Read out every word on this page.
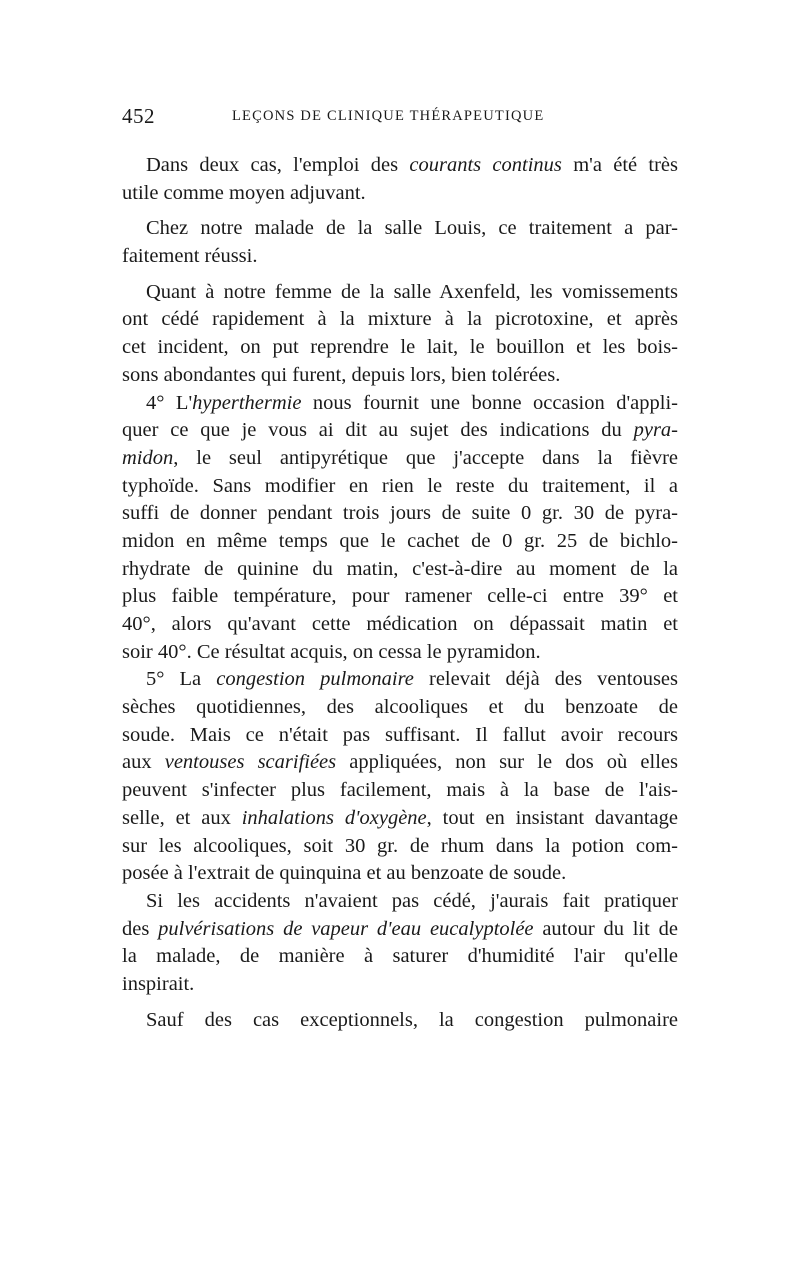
452	LEÇONS DE CLINIQUE THÉRAPEUTIQUE
Dans deux cas, l'emploi des courants continus m'a été très
utile comme moyen adjuvant.
Chez notre malade de la salle Louis, ce traitement a par-
faitement réussi.
Quant à notre femme de la salle Axenfeld, les vomissements
ont cédé rapidement à la mixture à la picrotoxine, et après
cet incident, on put reprendre le lait, le bouillon et les bois-
sons abondantes qui furent, depuis lors, bien tolérées.
4° L'hyperthermie nous fournit une bonne occasion d'appli-
quer ce que je vous ai dit au sujet des indications du pyra-
midon, le seul antipyrétique que j'accepte dans la fièvre
typhoïde. Sans modifier en rien le reste du traitement, il a
suffi de donner pendant trois jours de suite 0 gr. 30 de pyra-
midon en même temps que le cachet de 0 gr. 25 de bichlo-
rhydrate de quinine du matin, c'est-à-dire au moment de la
plus faible température, pour ramener celle-ci entre 39° et
40°, alors qu'avant cette médication on dépassait matin et
soir 40°. Ce résultat acquis, on cessa le pyramidon.
5° La congestion pulmonaire relevait déjà des ventouses
sèches quotidiennes, des alcooliques et du benzoate de
soude. Mais ce n'était pas suffisant. Il fallut avoir recours
aux ventouses scarifiées appliquées, non sur le dos où elles
peuvent s'infecter plus facilement, mais à la base de l'ais-
selle, et aux inhalations d'oxygène, tout en insistant davantage
sur les alcooliques, soit 30 gr. de rhum dans la potion com-
posée à l'extrait de quinquina et au benzoate de soude.
Si les accidents n'avaient pas cédé, j'aurais fait pratiquer
des pulvérisations de vapeur d'eau eucalyptolée autour du lit de
la malade, de manière à saturer d'humidité l'air qu'elle
inspirait.
Sauf des cas exceptionnels, la congestion pulmonaire
